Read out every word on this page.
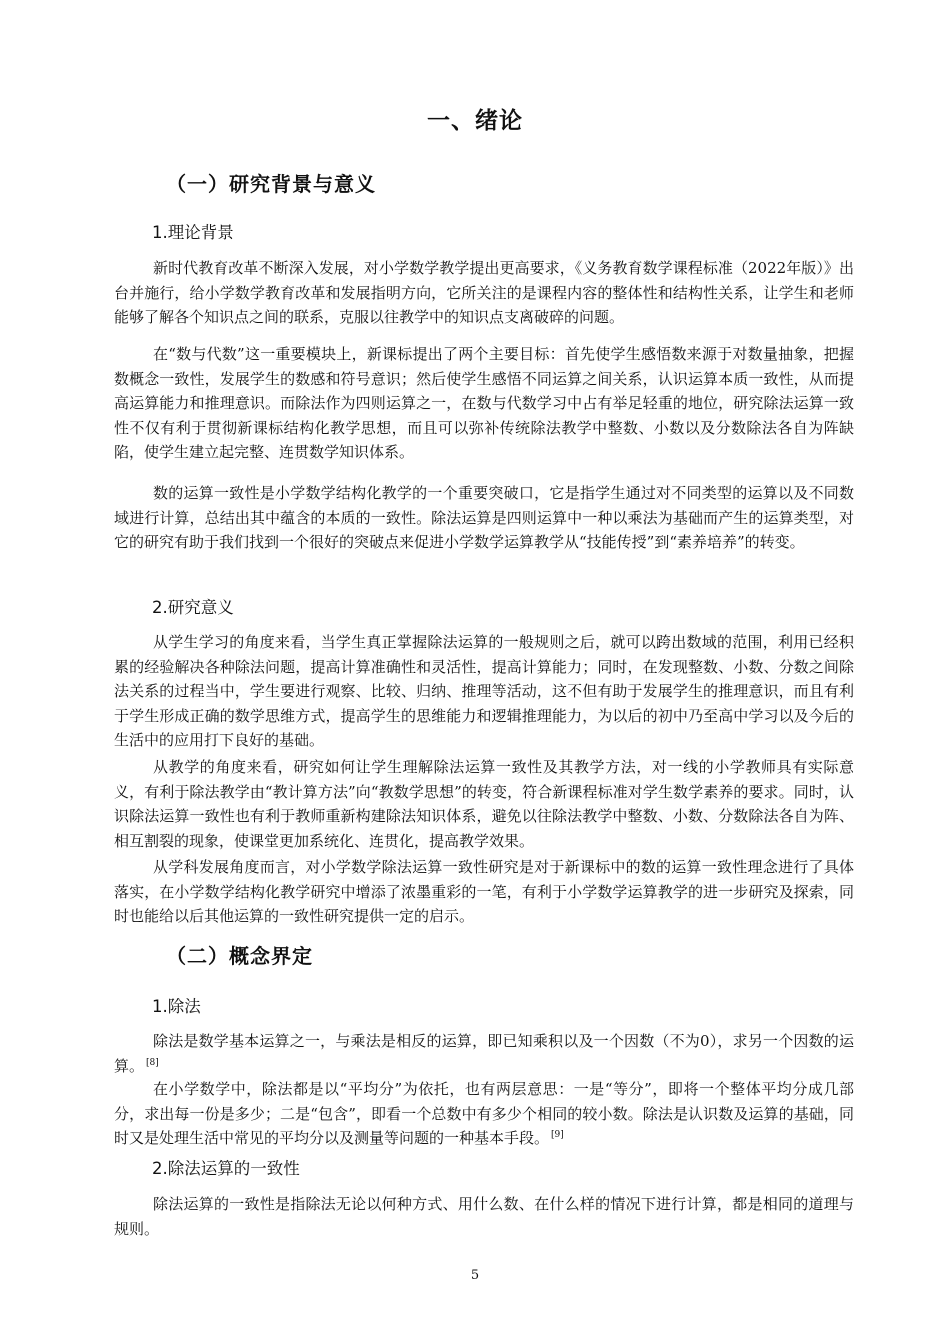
一、绪论
（一）研究背景与意义
1.理论背景

新时代教育改革不断深入发展，对小学数学教学提出更高要求，《义务教育数学课程标准（2022年版）》出台并施行，给小学数学教育改革和发展指明方向，它所关注的是课程内容的整体性和结构性关系，让学生和老师能够了解各个知识点之间的联系，克服以往教学中的知识点支离破碎的问题。

在“数与代数”这一重要模块上，新课标提出了两个主要目标：首先使学生感悟数来源于对数量抽象，把握数概念一致性，发展学生的数感和符号意识；然后使学生感悟不同运算之间关系，认识运算本质一致性，从而提高运算能力和推理意识。而除法作为四则运算之一，在数与代数学习中占有举足轻重的地位，研究除法运算一致性不仅有利于贯彻新课标结构化教学思想，而且可以弥补传统除法教学中整数、小数以及分数除法各自为阵缺陷，使学生建立起完整、连贯数学知识体系。

数的运算一致性是小学数学结构化教学的一个重要突破口，它是指学生通过对不同类型的运算以及不同数域进行计算，总结出其中蕴含的本质的一致性。除法运算是四则运算中一种以乘法为基础而产生的运算类型，对它的研究有助于我们找到一个很好的突破点来促进小学数学运算教学从“技能传授”到“素养培养”的转变。

2.研究意义

从学生学习的角度来看，当学生真正掌握除法运算的一般规则之后，就可以跨出数域的范围，利用已经积累的经验解决各种除法问题，提高计算准确性和灵活性，提高计算能力；同时，在发现整数、小数、分数之间除法关系的过程当中，学生要进行观察、比较、归纳、推理等活动，这不但有助于发展学生的推理意识，而且有利于学生形成正确的数学思维方式，提高学生的思维能力和逻辑推理能力，为以后的初中乃至高中学习以及今后的生活中的应用打下良好的基础。

从教学的角度来看，研究如何让学生理解除法运算一致性及其教学方法，对一线的小学教师具有实际意义，有利于除法教学由“教计算方法”向“教数学思想”的转变，符合新课程标准对学生数学素养的要求。同时，认识除法运算一致性也有利于教师重新构建除法知识体系，避免以往除法教学中整数、小数、分数除法各自为阵、相互割裂的现象，使课堂更加系统化、连贯化，提高教学效果。

从学科发展角度而言，对小学数学除法运算一致性研究是对于新课标中的数的运算一致性理念进行了具体落实，在小学数学结构化教学研究中增添了浓墨重彩的一笔，有利于小学数学运算教学的进一步研究及探索，同时也能给以后其他运算的一致性研究提供一定的启示。

（二）概念界定
1.除法

除法是数学基本运算之一，与乘法是相反的运算，即已知乘积以及一个因数（不为0），求另一个因数的运算。 [8]

在小学数学中，除法都是以“平均分”为依托，也有两层意思：一是“等分”，即将一个整体平均分成几部分，求出每一份是多少；二是“包含”，即看一个总数中有多少个相同的较小数。除法是认识数及运算的基础，同时又是处理生活中常见的平均分以及测量等问题的一种基本手段。 [9]

2.除法运算的一致性

除法运算的一致性是指除法无论以何种方式、用什么数、在什么样的情况下进行计算，都是相同的道理与规则。

5
